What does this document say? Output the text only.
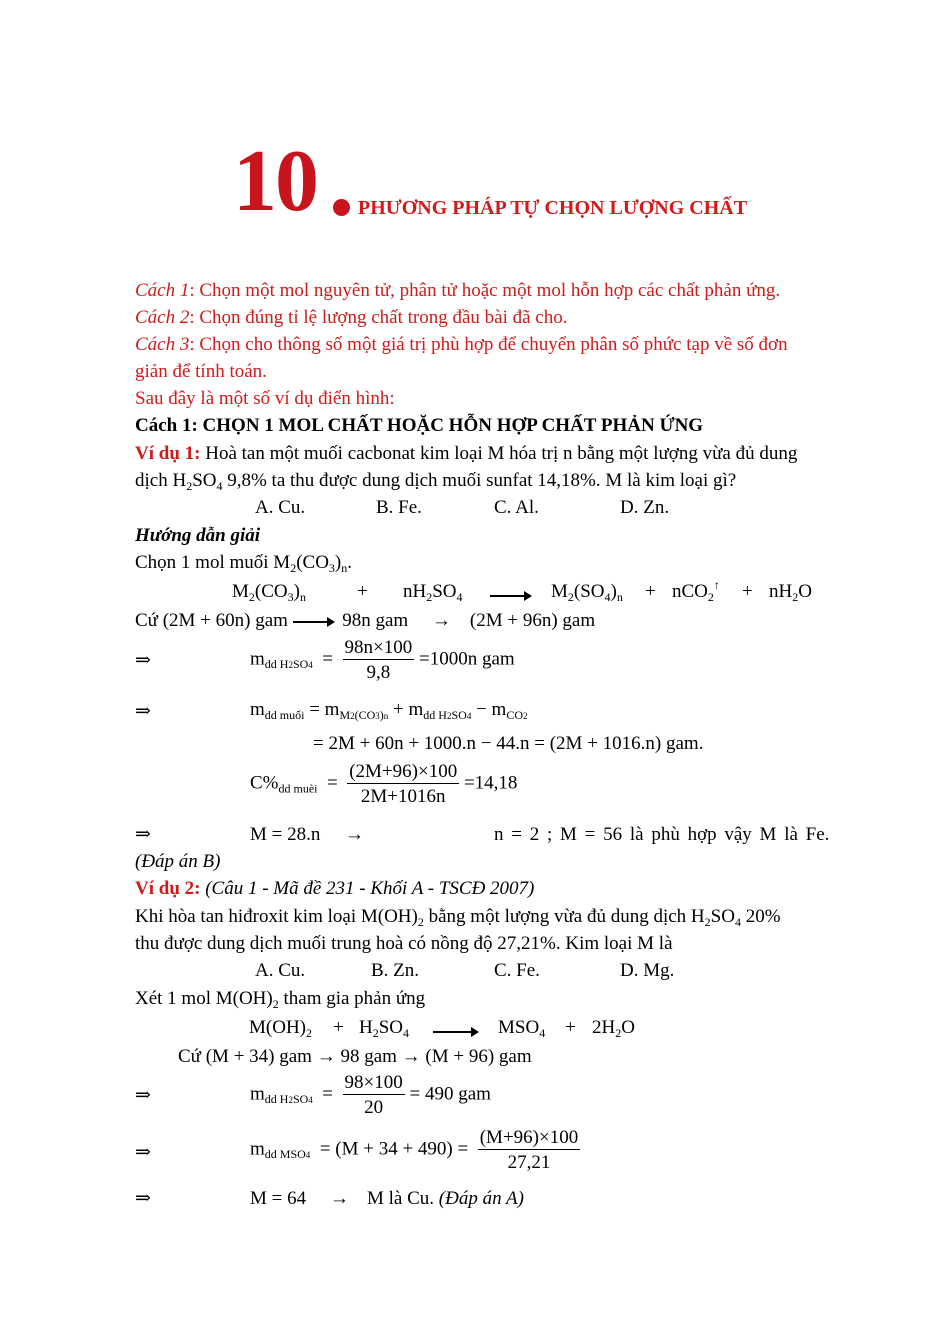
10 PHƯƠNG PHÁP TỰ CHỌN LƯỢNG CHẤT
Cách 1: Chọn một mol nguyên tử, phân tử hoặc một mol hỗn hợp các chất phản ứng.
Cách 2: Chọn đúng tỉ lệ lượng chất trong đầu bài đã cho.
Cách 3: Chọn cho thông số một giá trị phù hợp để chuyển phân số phức tạp về số đơn
giản để tính toán.
Sau đây là một số ví dụ điển hình:
Cách 1: CHỌN 1 MOL CHẤT HOẶC HỖN HỢP CHẤT PHẢN ỨNG
Ví dụ 1: Hoà tan một muối cacbonat kim loại M hóa trị n bằng một lượng vừa đủ dung
dịch $H_2SO_4$ 9,8% ta thu được dung dịch muối sunfat 14,18%. M là kim loại gì?
A. Cu.	B. Fe.	C. Al.	D. Zn.
Hướng dẫn giải
Chọn 1 mol muối $M_2(CO_3)_n$.
$M_2(CO_3)_n$	+ $nH_2SO_4 \to M_2(SO_4)_n + nCO_2^↑ + nH_2O$
Cứ (2M + 60n) gam	98n gam → (2M + 96n) gam
⇒	$m_{dd H2SO4} = \frac{98n\times 100}{9,8} =1000n$ gam
⇒	$m_{dd muối} = m_{M2(CO3)n} + m_{dd H2SO4} - m_{CO2}$
= 2M + 60n + 1000.n − 44.n = (2M + 1016.n) gam.
$C\%_{dd muèi} = \frac{(2M+96)\times 100}{2M+1016n} =14,18$
⇒	M = 28.n →	n = 2 ; M = 56 là phù hợp vậy M là Fe.
(Đáp án B)
Ví dụ 2: (Câu 1 - Mã đề 231 - Khối A - TSCĐ 2007)
Khi hòa tan hiđroxit kim loại $M(OH)_2$ bằng một lượng vừa đủ dung dịch $H_2SO_4$ 20%
thu được dung dịch muối trung hoà có nồng độ 27,21%. Kim loại M là
A. Cu.	B. Zn.	C. Fe.	D. Mg.
Xét 1 mol $M(OH)_2$ tham gia phản ứng
$M(OH)_2 + H_2SO_4 \to MSO_4 + 2H_2O$
Cứ (M + 34) gam → 98 gam → (M + 96) gam
⇒	$m_{dd H2SO4} = \frac{98\times 100}{20} = 490$ gam
⇒	$m_{dd MSO4} = (M + 34 + 490) = \frac{(M+96)\times 100}{27,21}$
⇒	M = 64 → M là Cu. (Đáp án A)
